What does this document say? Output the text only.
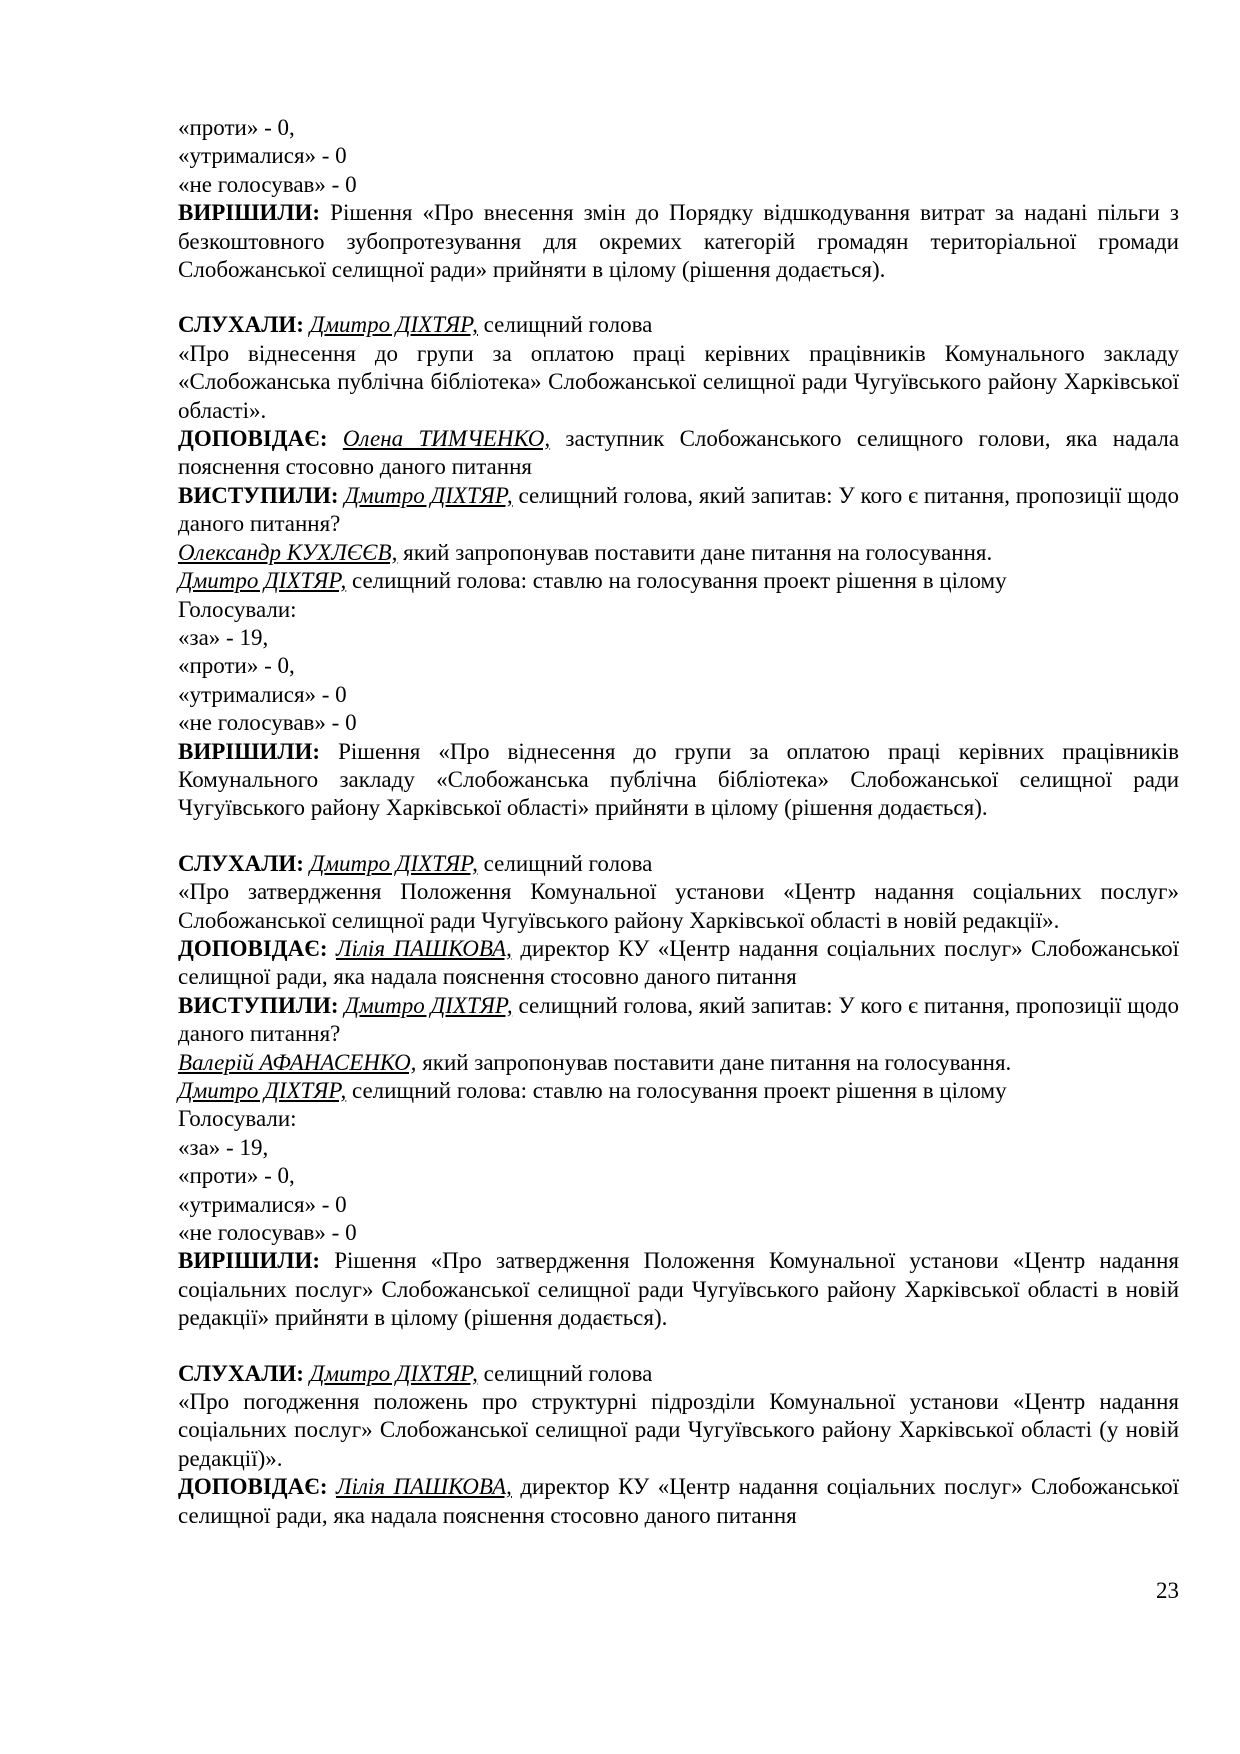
«проти» - 0,
«утрималися» - 0
«не голосував» - 0
ВИРІШИЛИ: Рішення «Про внесення змін до Порядку відшкодування витрат за надані пільги з безкоштовного зубопротезування для окремих категорій громадян територіальної громади Слобожанської селищної ради» прийняти в цілому (рішення додається).
СЛУХАЛИ: Дмитро ДІХТЯР, селищний голова
«Про віднесення до групи за оплатою праці керівних працівників Комунального закладу «Слобожанська публічна бібліотека» Слобожанської селищної ради Чугуївського району Харківської області».
ДОПОВІДАЄ: Олена ТИМЧЕНКО, заступник Слобожанського селищного голови, яка надала пояснення стосовно даного питання
ВИСТУПИЛИ: Дмитро ДІХТЯР, селищний голова, який запитав: У кого є питання, пропозиції щодо даного питання?
Олександр КУХЛЄЄВ, який запропонував поставити дане питання на голосування.
Дмитро ДІХТЯР, селищний голова: ставлю на голосування проект рішення в цілому
Голосували:
«за» - 19,
«проти» - 0,
«утрималися» - 0
«не голосував» - 0
ВИРІШИЛИ: Рішення «Про віднесення до групи за оплатою праці керівних працівників Комунального закладу «Слобожанська публічна бібліотека» Слобожанської селищної ради Чугуївського району Харківської області» прийняти в цілому (рішення додається).
СЛУХАЛИ: Дмитро ДІХТЯР, селищний голова
«Про затвердження Положення Комунальної установи «Центр надання соціальних послуг» Слобожанської селищної ради Чугуївського району Харківської області в новій редакції».
ДОПОВІДАЄ: Лілія ПАШКОВА, директор КУ «Центр надання соціальних послуг» Слобожанської селищної ради, яка надала пояснення стосовно даного питання
ВИСТУПИЛИ: Дмитро ДІХТЯР, селищний голова, який запитав: У кого є питання, пропозиції щодо даного питання?
Валерій АФАНАСЕНКО, який запропонував поставити дане питання на голосування.
Дмитро ДІХТЯР, селищний голова: ставлю на голосування проект рішення в цілому
Голосували:
«за» - 19,
«проти» - 0,
«утрималися» - 0
«не голосував» - 0
ВИРІШИЛИ: Рішення «Про затвердження Положення Комунальної установи «Центр надання соціальних послуг» Слобожанської селищної ради Чугуївського району Харківської області в новій редакції» прийняти в цілому (рішення додається).
СЛУХАЛИ: Дмитро ДІХТЯР, селищний голова
«Про погодження положень про структурні підрозділи Комунальної установи «Центр надання соціальних послуг» Слобожанської селищної ради Чугуївського району Харківської області (у новій редакції)».
ДОПОВІДАЄ: Лілія ПАШКОВА, директор КУ «Центр надання соціальних послуг» Слобожанської селищної ради, яка надала пояснення стосовно даного питання
23
